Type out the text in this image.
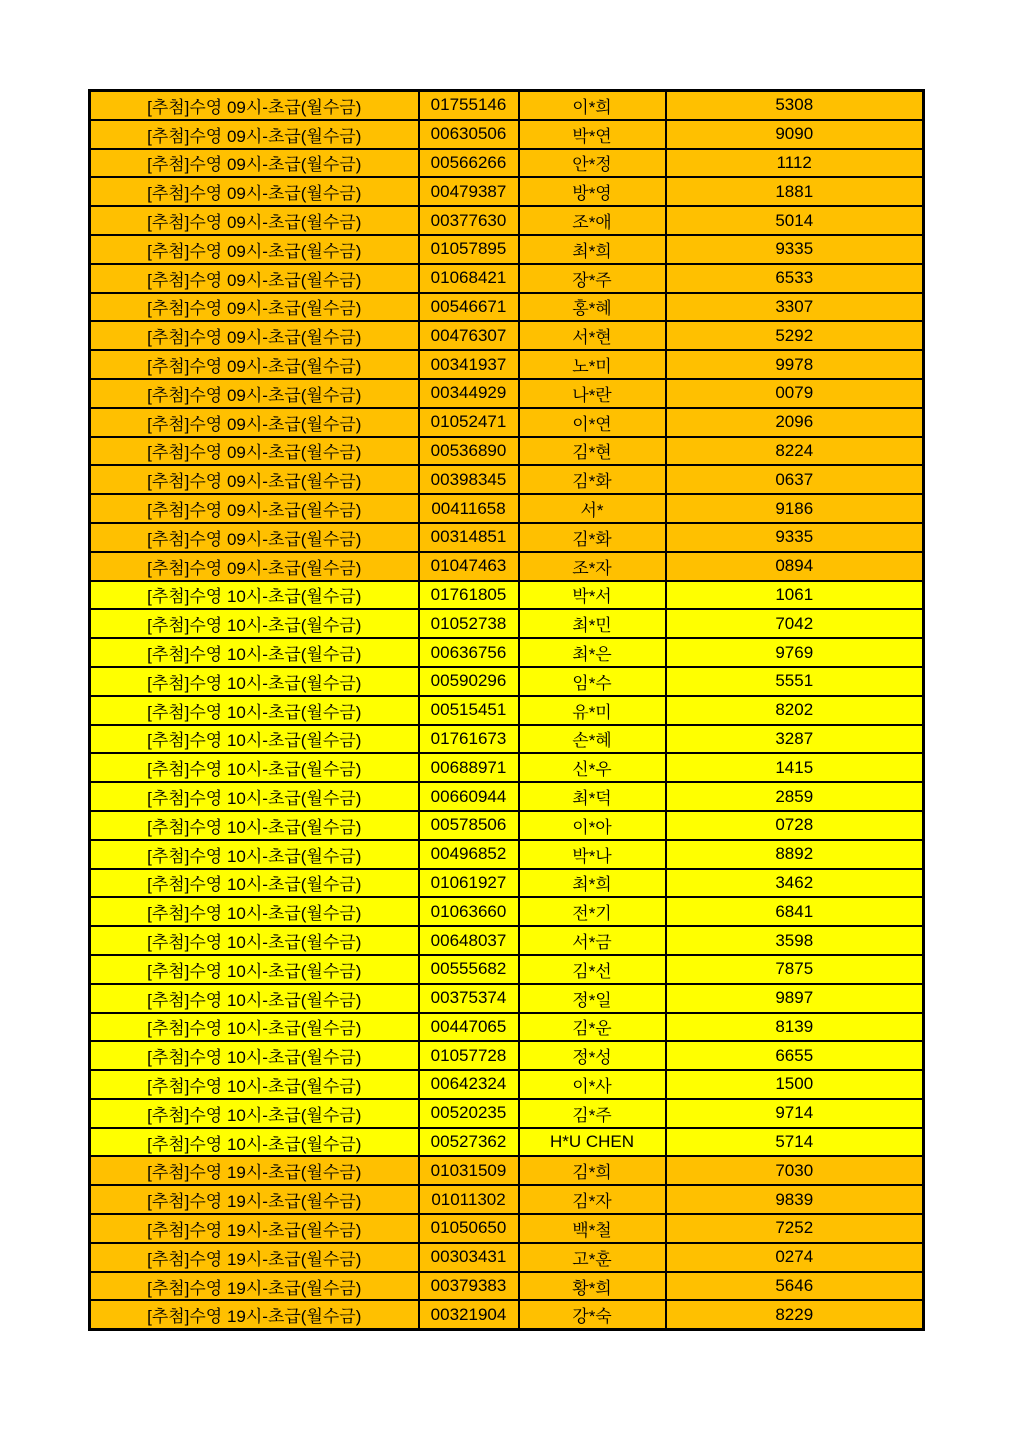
[추첨]수영 09시-초급(월수금)	01755146	이*희	5308
[추첨]수영 09시-초급(월수금)	00630506	박*연	9090
[추첨]수영 09시-초급(월수금)	00566266	안*정	1112
[추첨]수영 09시-초급(월수금)	00479387	방*영	1881
[추첨]수영 09시-초급(월수금)	00377630	조*애	5014
[추첨]수영 09시-초급(월수금)	01057895	최*희	9335
[추첨]수영 09시-초급(월수금)	01068421	장*주	6533
[추첨]수영 09시-초급(월수금)	00546671	홍*혜	3307
[추첨]수영 09시-초급(월수금)	00476307	서*현	5292
[추첨]수영 09시-초급(월수금)	00341937	노*미	9978
[추첨]수영 09시-초급(월수금)	00344929	나*란	0079
[추첨]수영 09시-초급(월수금)	01052471	이*연	2096
[추첨]수영 09시-초급(월수금)	00536890	김*현	8224
[추첨]수영 09시-초급(월수금)	00398345	김*화	0637
[추첨]수영 09시-초급(월수금)	00411658	서*	9186
[추첨]수영 09시-초급(월수금)	00314851	김*화	9335
[추첨]수영 09시-초급(월수금)	01047463	조*자	0894
[추첨]수영 10시-초급(월수금)	01761805	박*서	1061
[추첨]수영 10시-초급(월수금)	01052738	최*민	7042
[추첨]수영 10시-초급(월수금)	00636756	최*은	9769
[추첨]수영 10시-초급(월수금)	00590296	임*수	5551
[추첨]수영 10시-초급(월수금)	00515451	유*미	8202
[추첨]수영 10시-초급(월수금)	01761673	손*혜	3287
[추첨]수영 10시-초급(월수금)	00688971	신*우	1415
[추첨]수영 10시-초급(월수금)	00660944	최*덕	2859
[추첨]수영 10시-초급(월수금)	00578506	이*아	0728
[추첨]수영 10시-초급(월수금)	00496852	박*나	8892
[추첨]수영 10시-초급(월수금)	01061927	최*희	3462
[추첨]수영 10시-초급(월수금)	01063660	전*기	6841
[추첨]수영 10시-초급(월수금)	00648037	서*금	3598
[추첨]수영 10시-초급(월수금)	00555682	김*선	7875
[추첨]수영 10시-초급(월수금)	00375374	정*일	9897
[추첨]수영 10시-초급(월수금)	00447065	김*운	8139
[추첨]수영 10시-초급(월수금)	01057728	정*성	6655
[추첨]수영 10시-초급(월수금)	00642324	이*사	1500
[추첨]수영 10시-초급(월수금)	00520235	김*주	9714
[추첨]수영 10시-초급(월수금)	00527362	H*U CHEN	5714
[추첨]수영 19시-초급(월수금)	01031509	김*희	7030
[추첨]수영 19시-초급(월수금)	01011302	김*자	9839
[추첨]수영 19시-초급(월수금)	01050650	백*철	7252
[추첨]수영 19시-초급(월수금)	00303431	고*훈	0274
[추첨]수영 19시-초급(월수금)	00379383	황*희	5646
[추첨]수영 19시-초급(월수금)	00321904	강*숙	8229
